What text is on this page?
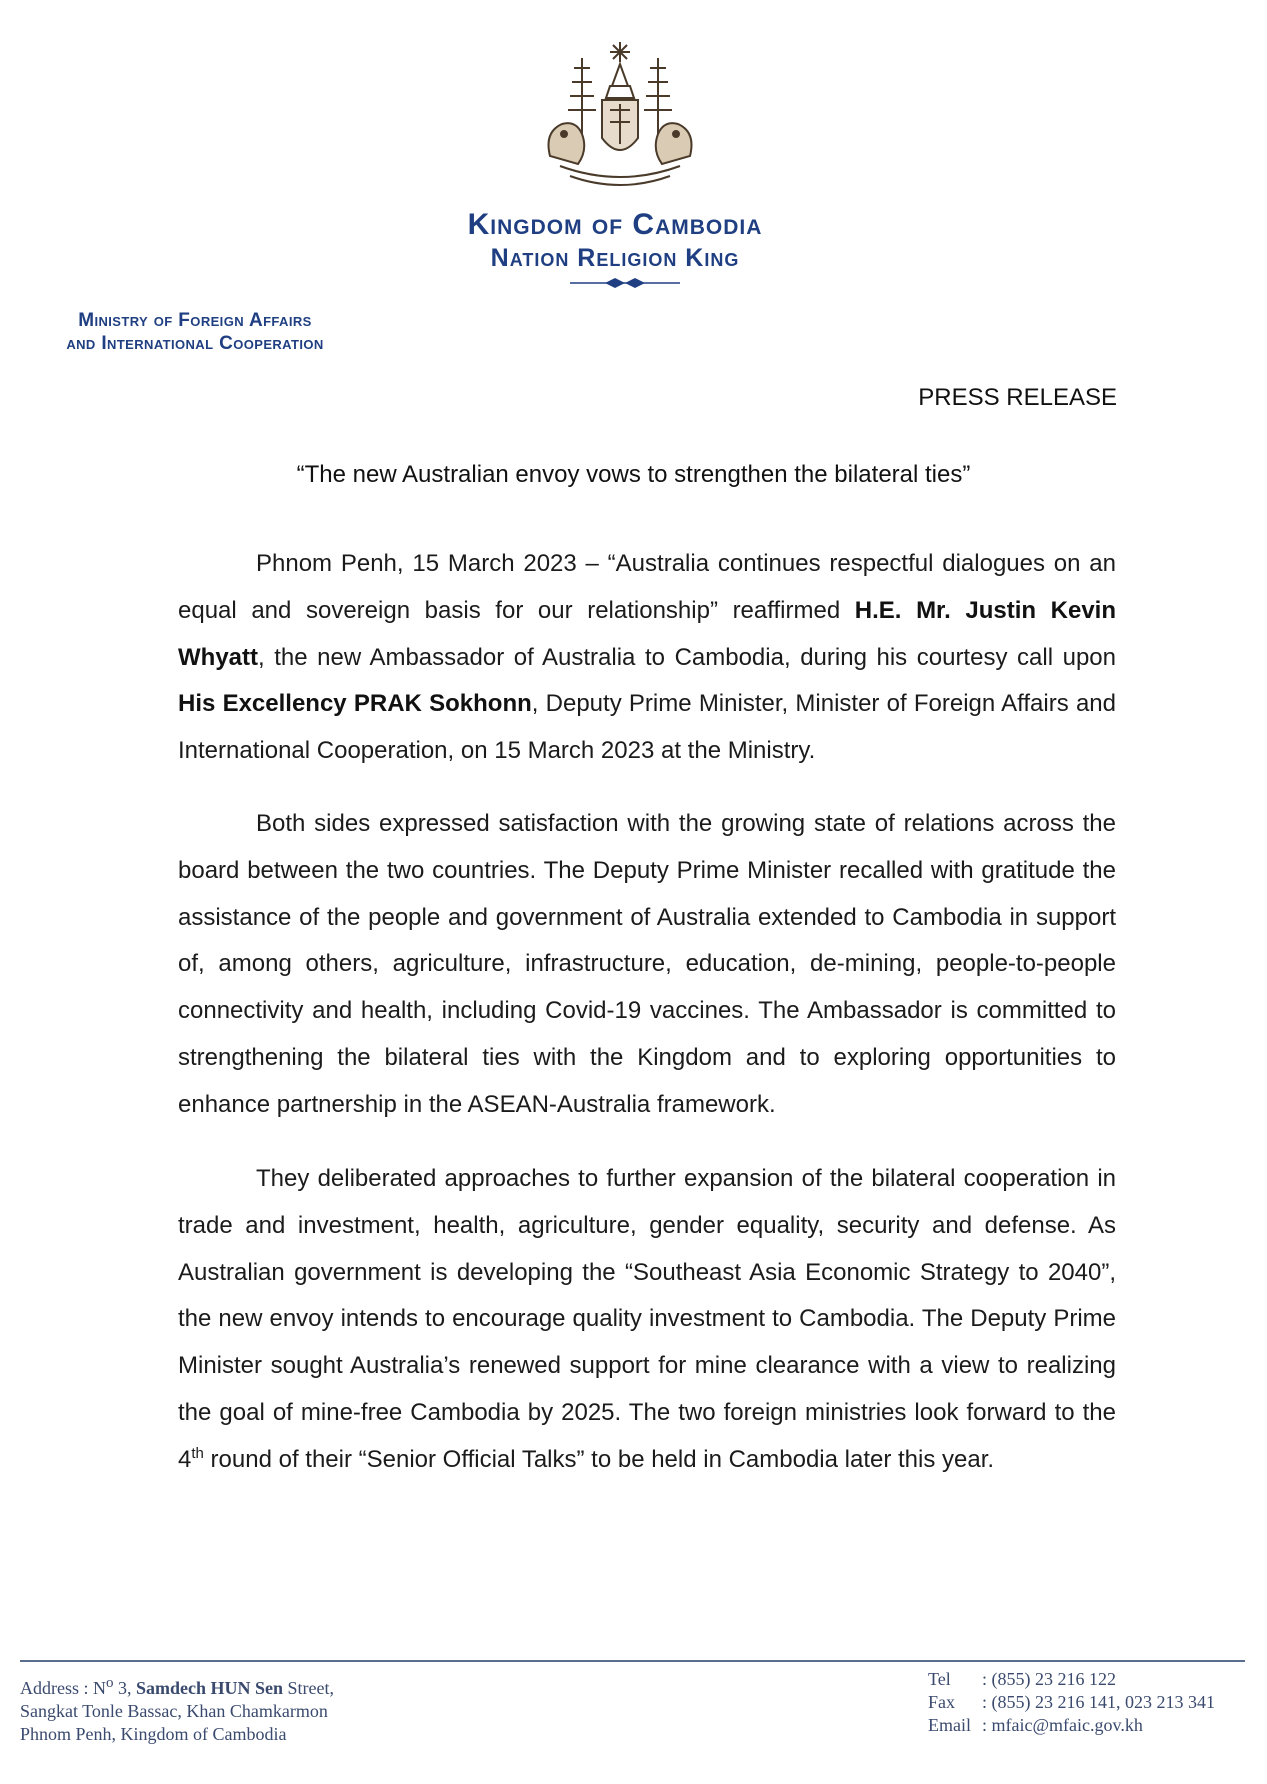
Kingdom of Cambodia
Nation Religion King
Ministry of Foreign Affairs
and International Cooperation
PRESS RELEASE
“The new Australian envoy vows to strengthen the bilateral ties”
Phnom Penh, 15 March 2023 – “Australia continues respectful dialogues on an equal and sovereign basis for our relationship” reaffirmed H.E. Mr. Justin Kevin Whyatt, the new Ambassador of Australia to Cambodia, during his courtesy call upon His Excellency PRAK Sokhonn, Deputy Prime Minister, Minister of Foreign Affairs and International Cooperation, on 15 March 2023 at the Ministry.
Both sides expressed satisfaction with the growing state of relations across the board between the two countries. The Deputy Prime Minister recalled with gratitude the assistance of the people and government of Australia extended to Cambodia in support of, among others, agriculture, infrastructure, education, de-mining, people-to-people connectivity and health, including Covid-19 vaccines. The Ambassador is committed to strengthening the bilateral ties with the Kingdom and to exploring opportunities to enhance partnership in the ASEAN-Australia framework.
They deliberated approaches to further expansion of the bilateral cooperation in trade and investment, health, agriculture, gender equality, security and defense. As Australian government is developing the “Southeast Asia Economic Strategy to 2040”, the new envoy intends to encourage quality investment to Cambodia. The Deputy Prime Minister sought Australia’s renewed support for mine clearance with a view to realizing the goal of mine-free Cambodia by 2025. The two foreign ministries look forward to the 4th round of their “Senior Official Talks” to be held in Cambodia later this year.
Address : $N^o$ 3, Samdech HUN Sen Street,
Sangkat Tonle Bassac, Khan Chamkarmon
Phnom Penh, Kingdom of Cambodia
Tel	: (855) 23 216 122
Fax	: (855) 23 216 141, 023 213 341
Email	: mfaic@mfaic.gov.kh
